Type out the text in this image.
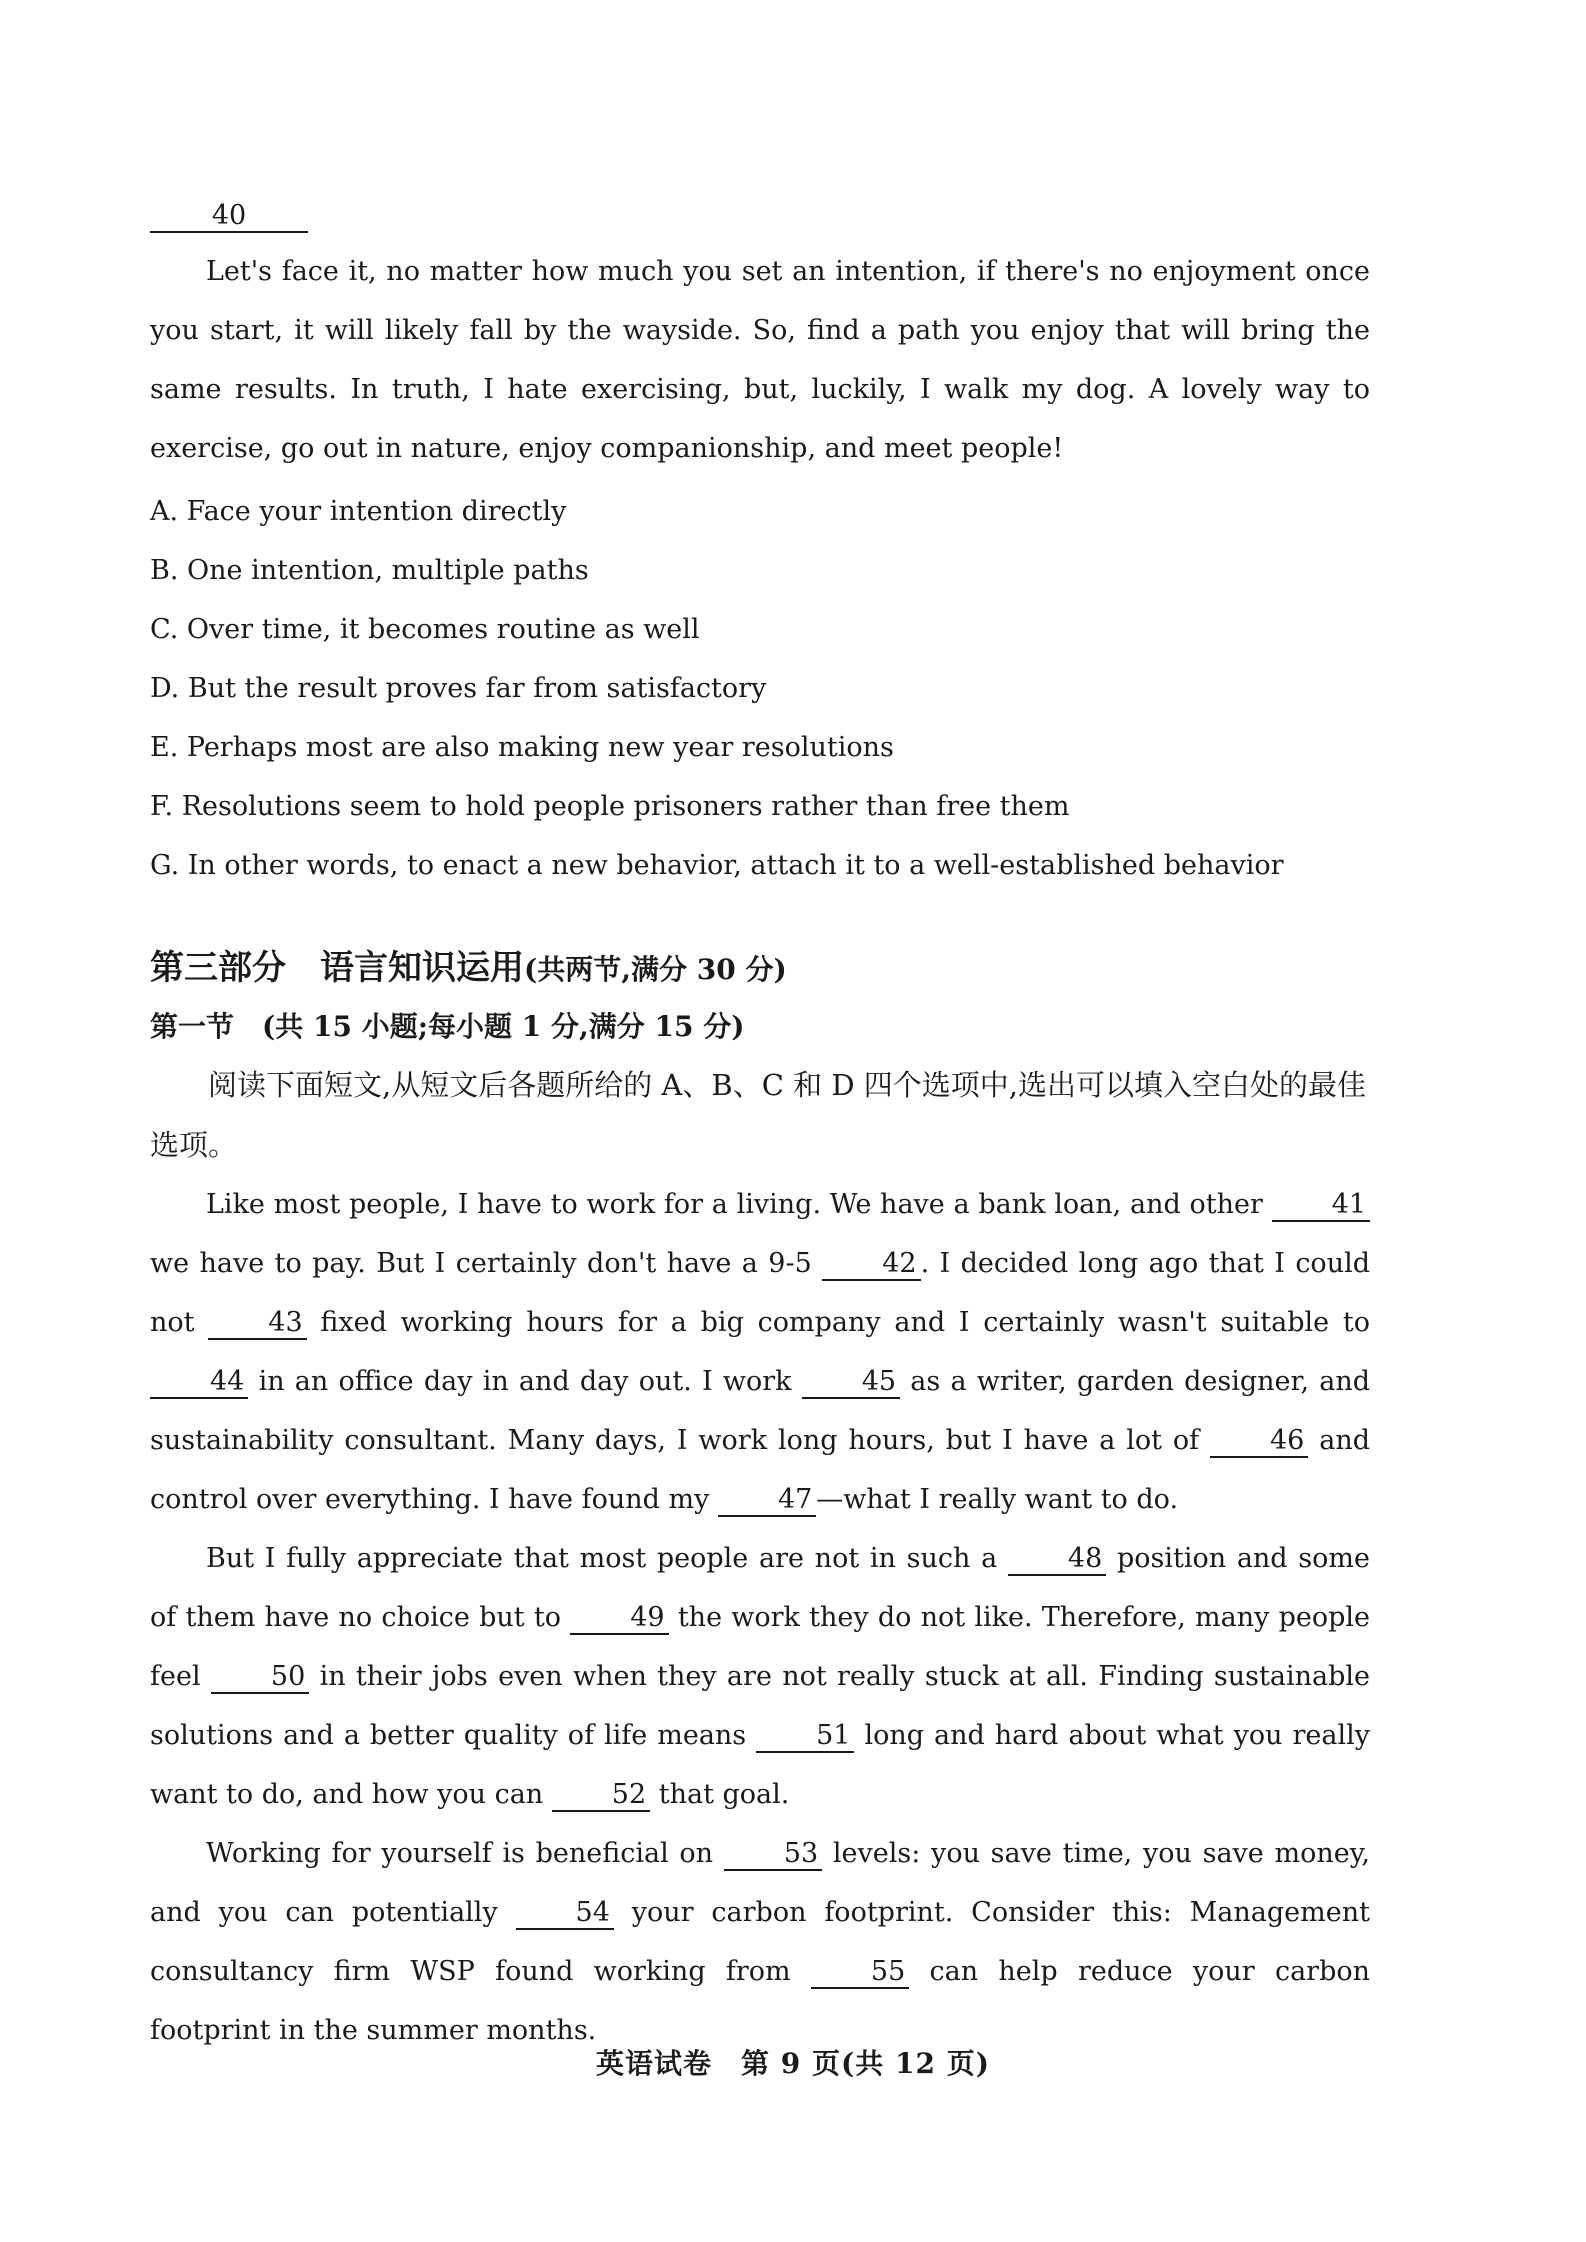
40

Let's face it, no matter how much you set an intention, if there's no enjoyment once you start, it will likely fall by the wayside. So, find a path you enjoy that will bring the same results. In truth, I hate exercising, but, luckily, I walk my dog. A lovely way to exercise, go out in nature, enjoy companionship, and meet people!

A. Face your intention directly
B. One intention, multiple paths
C. Over time, it becomes routine as well
D. But the result proves far from satisfactory
E. Perhaps most are also making new year resolutions
F. Resolutions seem to hold people prisoners rather than free them
G. In other words, to enact a new behavior, attach it to a well-established behavior
第三部分　语言知识运用(共两节,满分 30 分)
第一节　(共 15 小题;每小题 1 分,满分 15 分)

阅读下面短文,从短文后各题所给的 A、B、C 和 D 四个选项中,选出可以填入空白处的最佳选项。

Like most people, I have to work for a living. We have a bank loan, and other 41 we have to pay. But I certainly don't have a 9-5 42 . I decided long ago that I could not 43 fixed working hours for a big company and I certainly wasn't suitable to 44 in an office day in and day out. I work 45 as a writer, garden designer, and sustainability consultant. Many days, I work long hours, but I have a lot of 46 and control over everything. I have found my 47 —what I really want to do.

But I fully appreciate that most people are not in such a 48 position and some of them have no choice but to 49 the work they do not like. Therefore, many people feel 50 in their jobs even when they are not really stuck at all. Finding sustainable solutions and a better quality of life means 51 long and hard about what you really want to do, and how you can 52 that goal.

Working for yourself is beneficial on 53 levels: you save time, you save money, and you can potentially 54 your carbon footprint. Consider this: Management consultancy firm WSP found working from 55 can help reduce your carbon footprint in the summer months.

英语试卷　第 9 页(共 12 页)
